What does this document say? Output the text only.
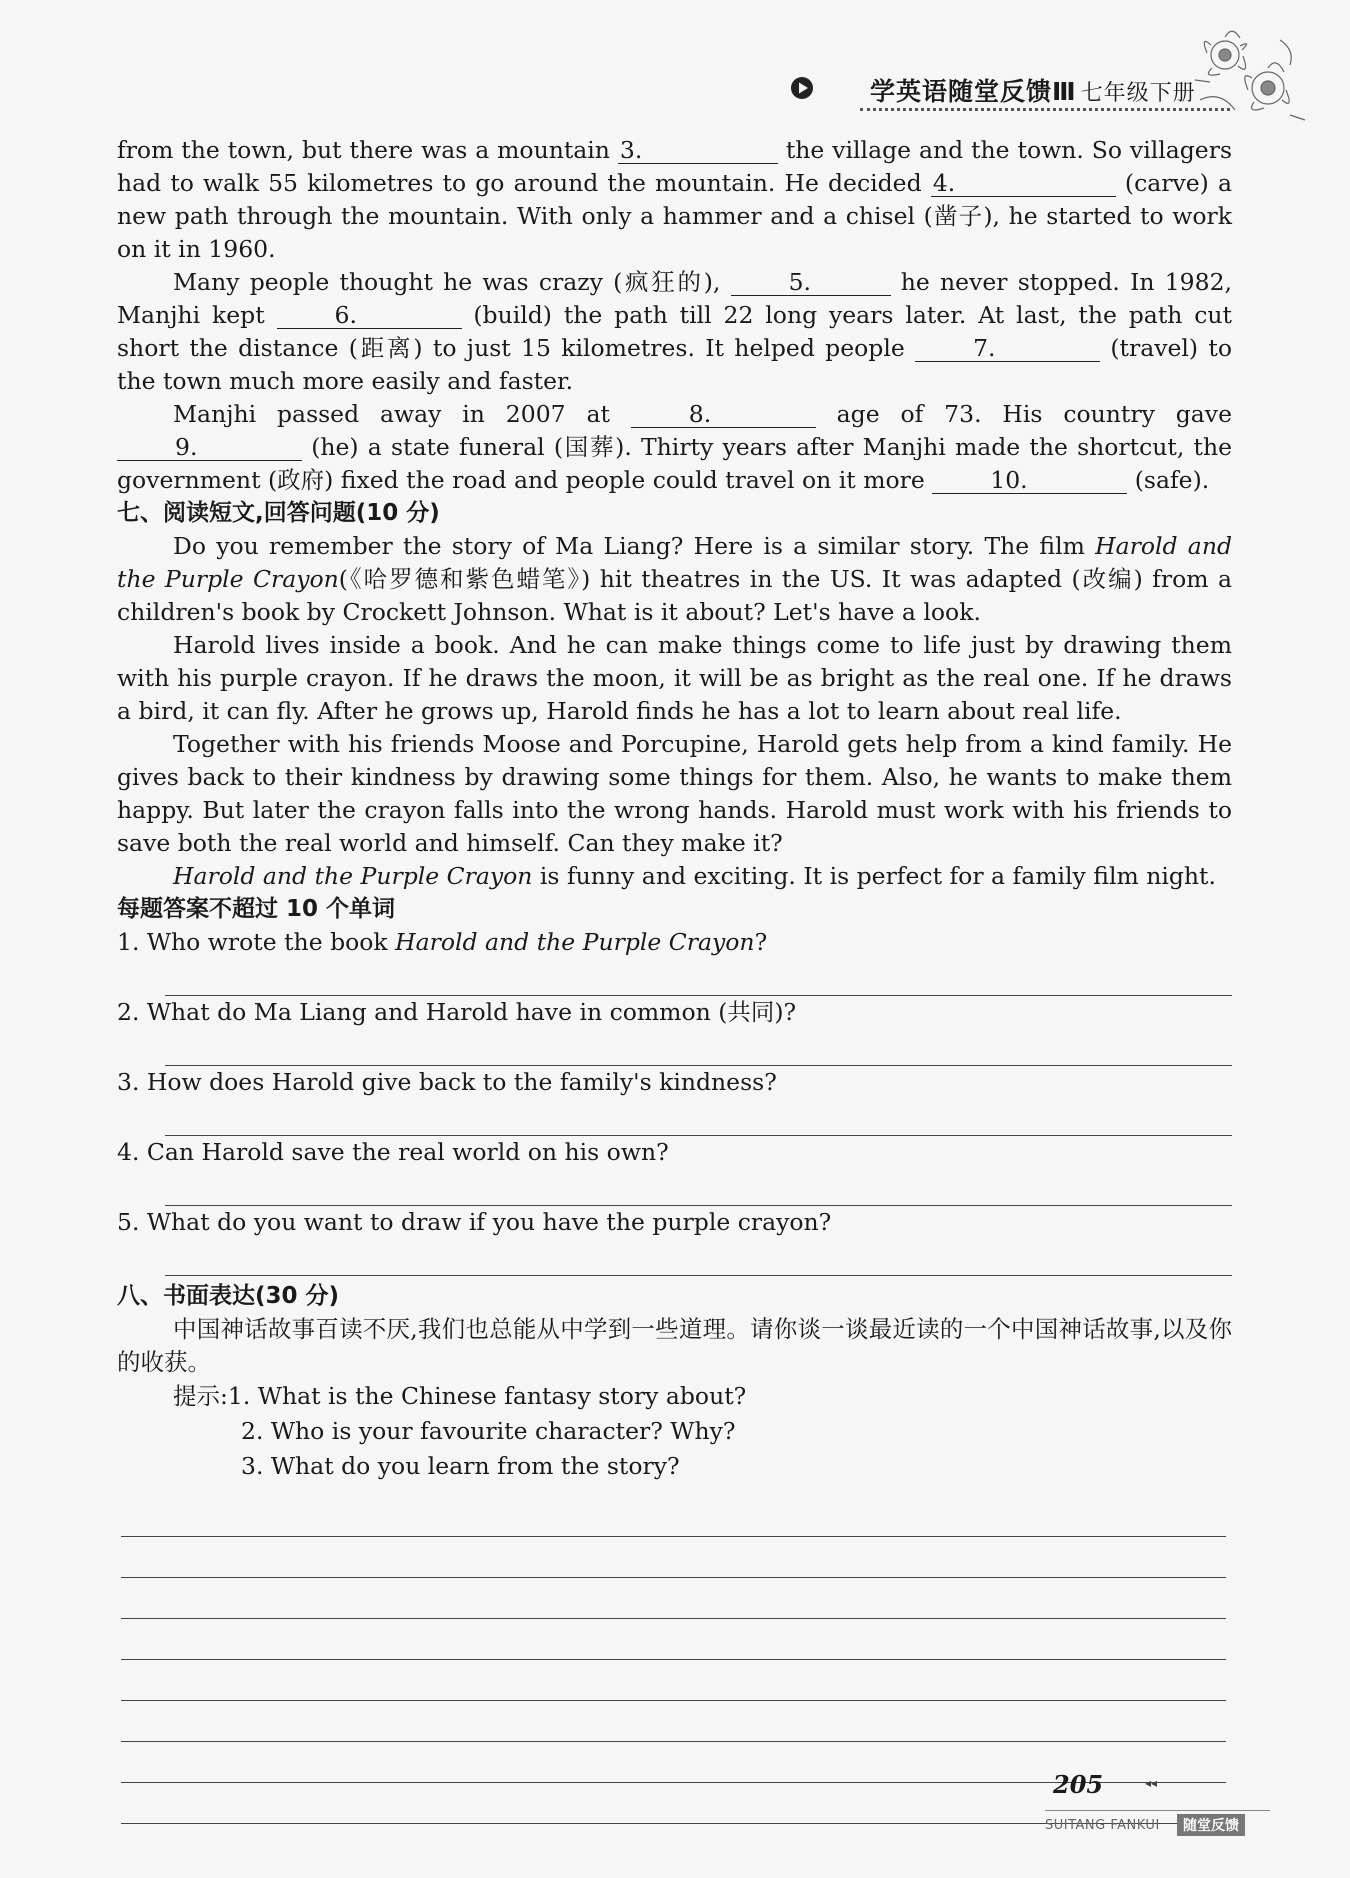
学英语随堂反馈Ⅲ 七年级下册

from the town, but there was a mountain 3.	the village and the town. So villagers had to walk 55 kilometres to go around the mountain. He decided 4.	(carve) a new path through the mountain. With only a hammer and a chisel (凿子), he started to work on it in 1960.

Many people thought he was crazy (疯狂的), 5.	he never stopped. In 1982, Manjhi kept 6.	(build) the path till 22 long years later. At last, the path cut short the distance (距离) to just 15 kilometres. It helped people 7.	(travel) to the town much more easily and faster.

Manjhi passed away in 2007 at 8.	age of 73. His country gave 9.	(he) a state funeral (国葬). Thirty years after Manjhi made the shortcut, the government (政府) fixed the road and people could travel on it more 10.	(safe).

七、阅读短文,回答问题(10 分)

Do you remember the story of Ma Liang? Here is a similar story. The film Harold and the Purple Crayon(《哈罗德和紫色蜡笔》) hit theatres in the US. It was adapted (改编) from a children's book by Crockett Johnson. What is it about? Let's have a look.

Harold lives inside a book. And he can make things come to life just by drawing them with his purple crayon. If he draws the moon, it will be as bright as the real one. If he draws a bird, it can fly. After he grows up, Harold finds he has a lot to learn about real life.

Together with his friends Moose and Porcupine, Harold gets help from a kind family. He gives back to their kindness by drawing some things for them. Also, he wants to make them happy. But later the crayon falls into the wrong hands. Harold must work with his friends to save both the real world and himself. Can they make it?

Harold and the Purple Crayon is funny and exciting. It is perfect for a family film night.

每题答案不超过 10 个单词

1. Who wrote the book Harold and the Purple Crayon?

2. What do Ma Liang and Harold have in common (共同)?

3. How does Harold give back to the family's kindness?

4. Can Harold save the real world on his own?

5. What do you want to draw if you have the purple crayon?

八、书面表达(30 分)

中国神话故事百读不厌,我们也总能从中学到一些道理。请你谈一谈最近读的一个中国神话故事,以及你的收获。

提示:1. What is the Chinese fantasy story about?

2. Who is your favourite character? Why?

3. What do you learn from the story?

205	◂◂
SUITANG FANKUI	随堂反馈
